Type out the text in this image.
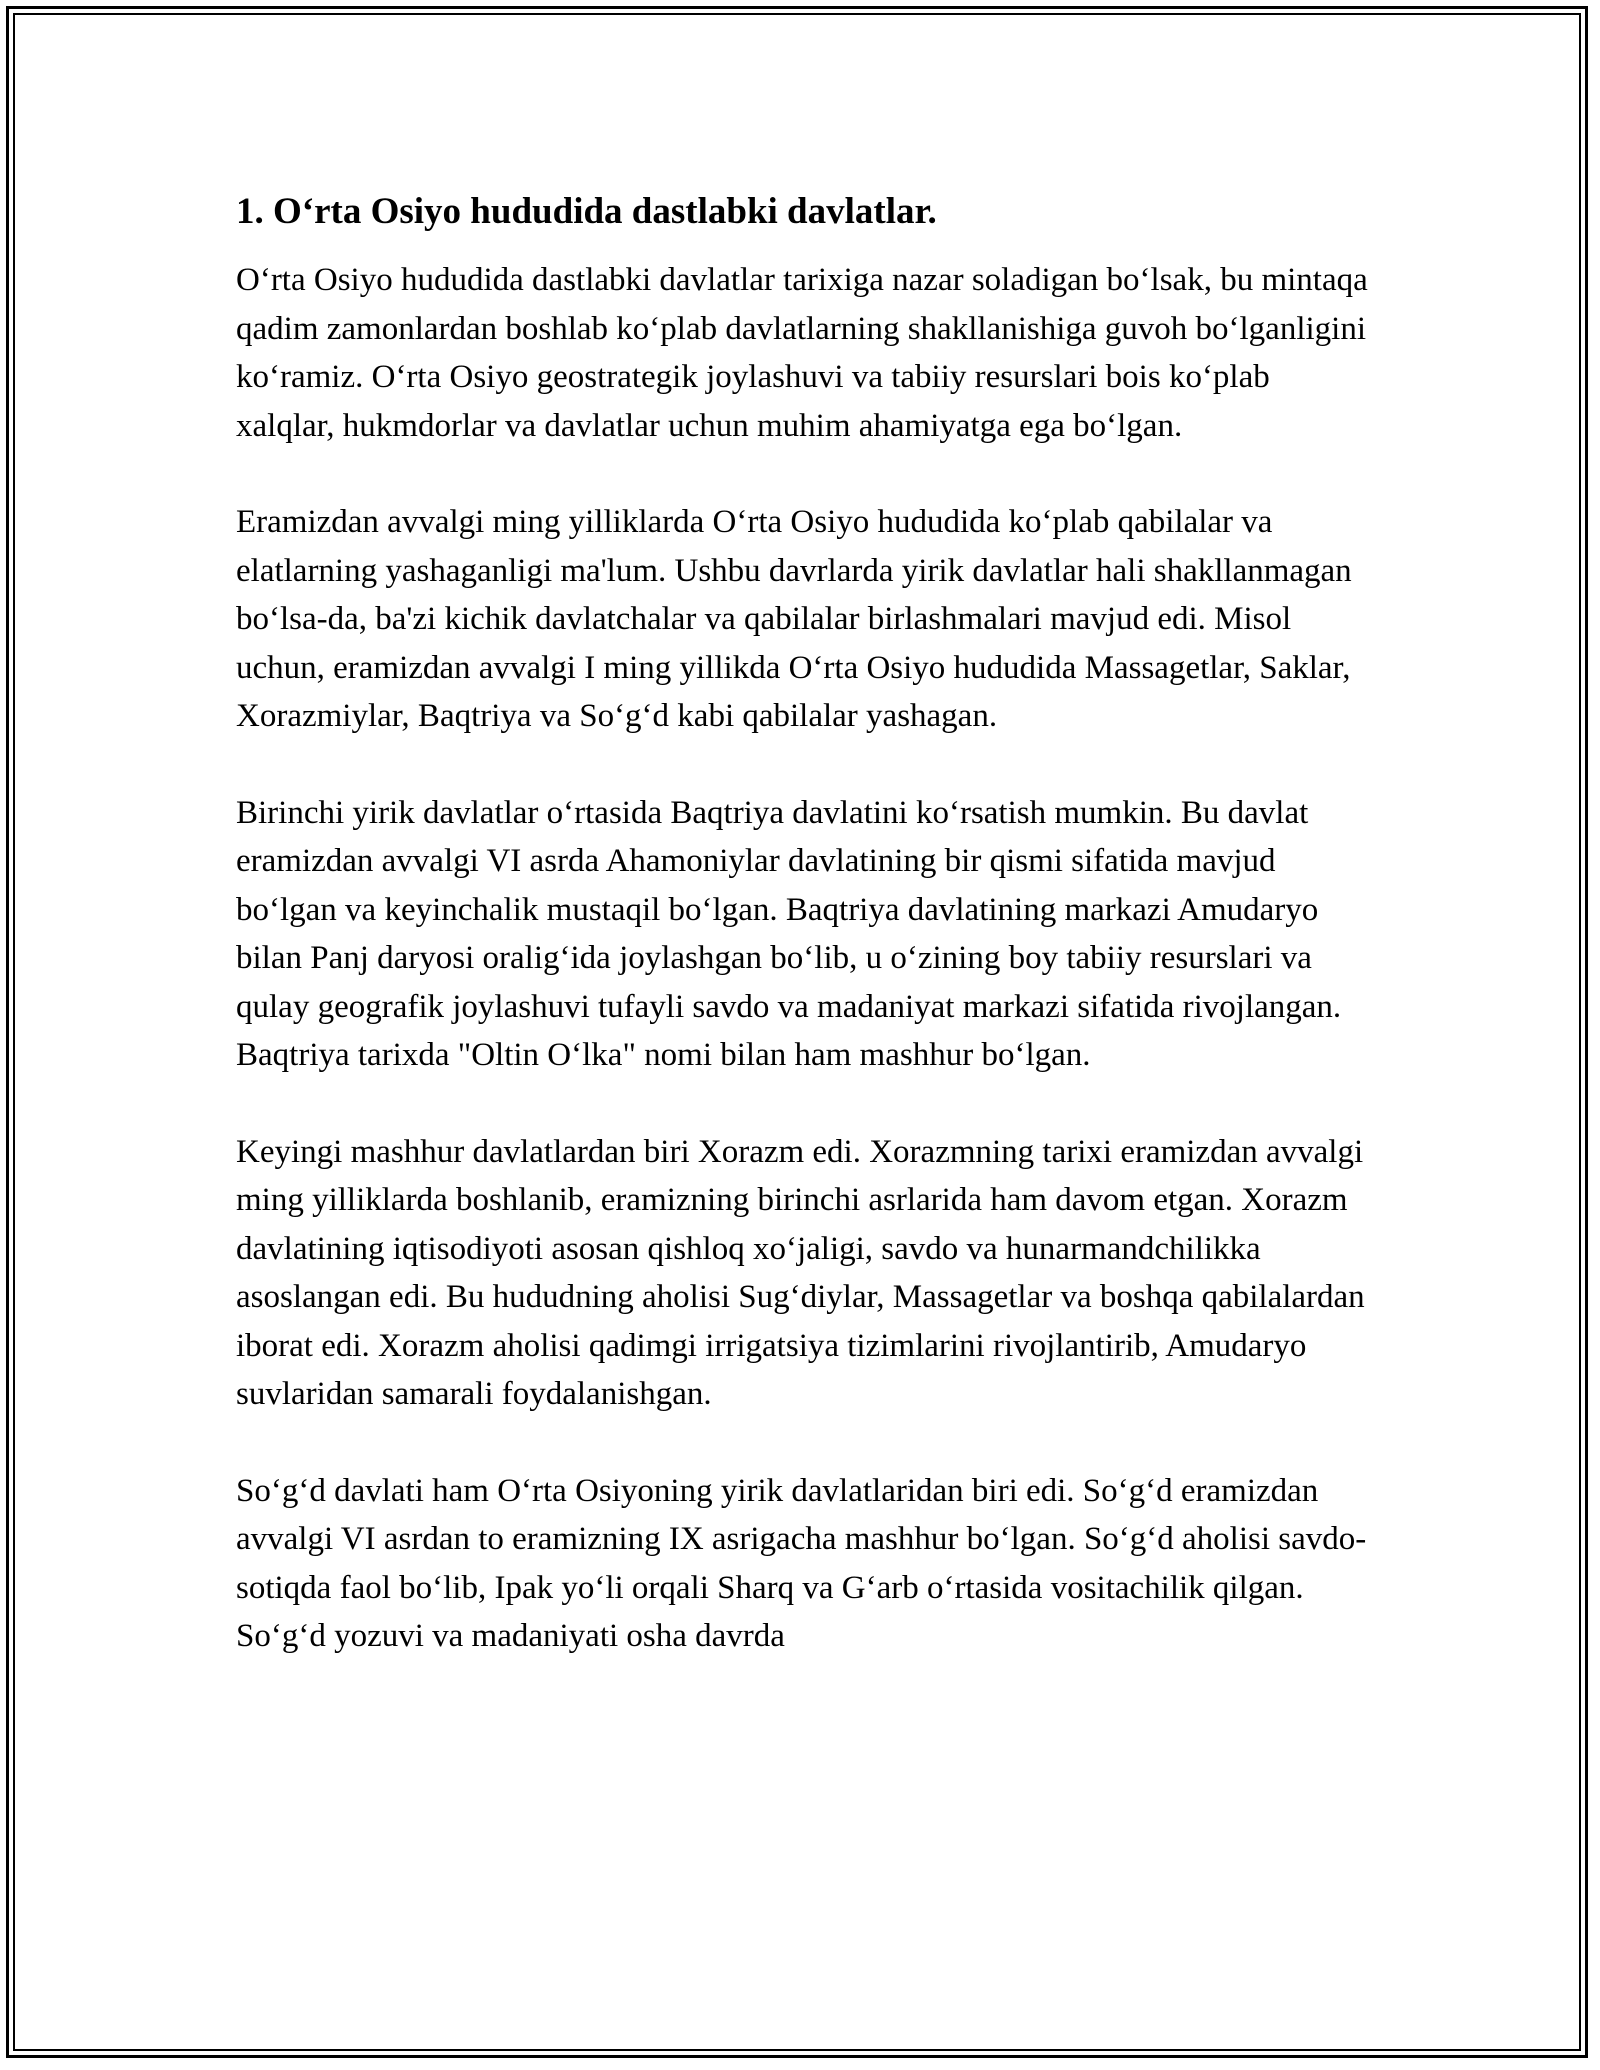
1. O‘rta Osiyo hududida dastlabki davlatlar.

O‘rta Osiyo hududida dastlabki davlatlar tarixiga nazar soladigan bo‘lsak, bu mintaqa qadim zamonlardan boshlab ko‘plab davlatlarning shakllanishiga guvoh bo‘lganligini ko‘ramiz. O‘rta Osiyo geostrategik joylashuvi va tabiiy resurslari bois ko‘plab xalqlar, hukmdorlar va davlatlar uchun muhim ahamiyatga ega bo‘lgan.

Eramizdan avvalgi ming yilliklarda O‘rta Osiyo hududida ko‘plab qabilalar va elatlarning yashaganligi ma'lum. Ushbu davrlarda yirik davlatlar hali shakllanmagan bo‘lsa-da, ba'zi kichik davlatchalar va qabilalar birlashmalari mavjud edi. Misol uchun, eramizdan avvalgi I ming yillikda O‘rta Osiyo hududida Massagetlar, Saklar, Xorazmiylar, Baqtriya va So‘g‘d kabi qabilalar yashagan.

Birinchi yirik davlatlar o‘rtasida Baqtriya davlatini ko‘rsatish mumkin. Bu davlat eramizdan avvalgi VI asrda Ahamoniylar davlatining bir qismi sifatida mavjud bo‘lgan va keyinchalik mustaqil bo‘lgan. Baqtriya davlatining markazi Amudaryo bilan Panj daryosi oralig‘ida joylashgan bo‘lib, u o‘zining boy tabiiy resurslari va qulay geografik joylashuvi tufayli savdo va madaniyat markazi sifatida rivojlangan. Baqtriya tarixda "Oltin O‘lka" nomi bilan ham mashhur bo‘lgan.

Keyingi mashhur davlatlardan biri Xorazm edi. Xorazmning tarixi eramizdan avvalgi ming yilliklarda boshlanib, eramizning birinchi asrlarida ham davom etgan. Xorazm davlatining iqtisodiyoti asosan qishloq xo‘jaligi, savdo va hunarmandchilikka asoslangan edi. Bu hududning aholisi Sug‘diylar, Massagetlar va boshqa qabilalardan iborat edi. Xorazm aholisi qadimgi irrigatsiya tizimlarini rivojlantirib, Amudaryo suvlaridan samarali foydalanishgan.

So‘g‘d davlati ham O‘rta Osiyoning yirik davlatlaridan biri edi. So‘g‘d eramizdan avvalgi VI asrdan to eramizning IX asrigacha mashhur bo‘lgan. So‘g‘d aholisi savdo-sotiqda faol bo‘lib, Ipak yo‘li orqali Sharq va G‘arb o‘rtasida vositachilik qilgan. So‘g‘d yozuvi va madaniyati osha davrda
